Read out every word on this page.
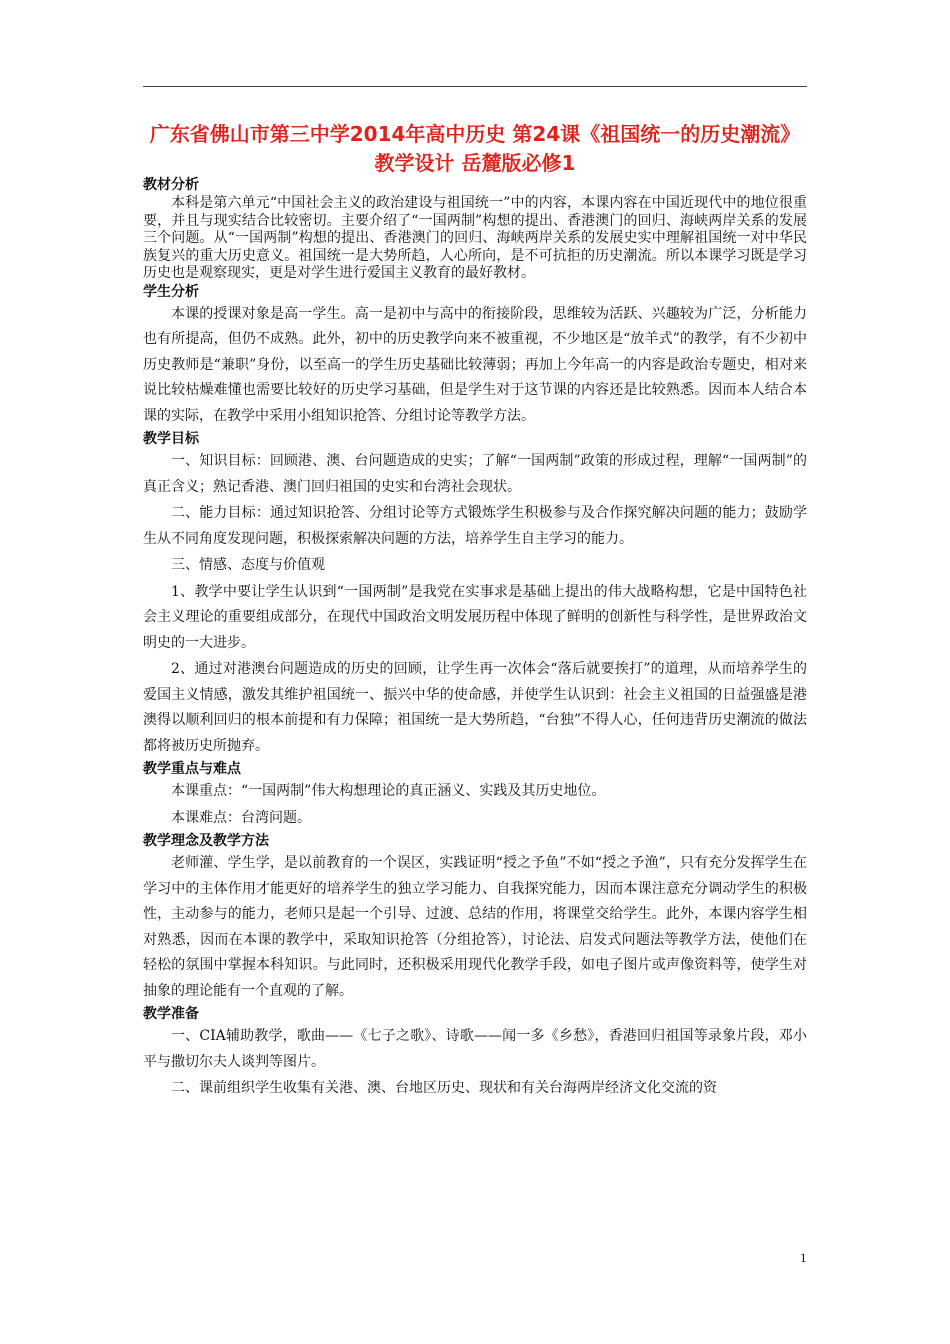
广东省佛山市第三中学2014年高中历史 第24课《祖国统一的历史潮流》教学设计 岳麓版必修1
教材分析

本科是第六单元“中国社会主义的政治建设与祖国统一”中的内容，本课内容在中国近现代中的地位很重要，并且与现实结合比较密切。主要介绍了“一国两制”构想的提出、香港澳门的回归、海峡两岸关系的发展三个问题。从“一国两制”构想的提出、香港澳门的回归、海峡两岸关系的发展史实中理解祖国统一对中华民族复兴的重大历史意义。祖国统一是大势所趋，人心所向，是不可抗拒的历史潮流。所以本课学习既是学习历史也是观察现实，更是对学生进行爱国主义教育的最好教材。

学生分析

本课的授课对象是高一学生。高一是初中与高中的衔接阶段，思维较为活跃、兴趣较为广泛，分析能力也有所提高，但仍不成熟。此外，初中的历史教学向来不被重视，不少地区是“放羊式”的教学，有不少初中历史教师是“兼职”身份，以至高一的学生历史基础比较薄弱；再加上今年高一的内容是政治专题史，相对来说比较枯燥难懂也需要比较好的历史学习基础，但是学生对于这节课的内容还是比较熟悉。因而本人结合本课的实际，在教学中采用小组知识抢答、分组讨论等教学方法。

教学目标

一、知识目标：回顾港、澳、台问题造成的史实；了解“一国两制”政策的形成过程，理解“一国两制”的真正含义；熟记香港、澳门回归祖国的史实和台湾社会现状。

二、能力目标：通过知识抢答、分组讨论等方式锻炼学生积极参与及合作探究解决问题的能力；鼓励学生从不同角度发现问题，积极探索解决问题的方法，培养学生自主学习的能力。

三、情感、态度与价值观

1、教学中要让学生认识到“一国两制”是我党在实事求是基础上提出的伟大战略构想，它是中国特色社会主义理论的重要组成部分，在现代中国政治文明发展历程中体现了鲜明的创新性与科学性，是世界政治文明史的一大进步。

2、通过对港澳台问题造成的历史的回顾，让学生再一次体会“落后就要挨打”的道理，从而培养学生的爱国主义情感，激发其维护祖国统一、振兴中华的使命感，并使学生认识到：社会主义祖国的日益强盛是港澳得以顺利回归的根本前提和有力保障；祖国统一是大势所趋，“台独”不得人心，任何违背历史潮流的做法都将被历史所抛弃。

教学重点与难点

本课重点：“一国两制”伟大构想理论的真正涵义、实践及其历史地位。

本课难点：台湾问题。

教学理念及教学方法

老师灌、学生学，是以前教育的一个误区，实践证明“授之予鱼”不如“授之予渔”，只有充分发挥学生在学习中的主体作用才能更好的培养学生的独立学习能力、自我探究能力，因而本课注意充分调动学生的积极性，主动参与的能力，老师只是起一个引导、过渡、总结的作用，将课堂交给学生。此外，本课内容学生相对熟悉，因而在本课的教学中，采取知识抢答（分组抢答），讨论法、启发式问题法等教学方法，使他们在轻松的氛围中掌握本科知识。与此同时，还积极采用现代化教学手段，如电子图片或声像资料等，使学生对抽象的理论能有一个直观的了解。

教学准备

一、CIA辅助教学，歌曲——《七子之歌》、诗歌——闻一多《乡愁》，香港回归祖国等录象片段，邓小平与撒切尔夫人谈判等图片。

二、课前组织学生收集有关港、澳、台地区历史、现状和有关台海两岸经济文化交流的资

1
